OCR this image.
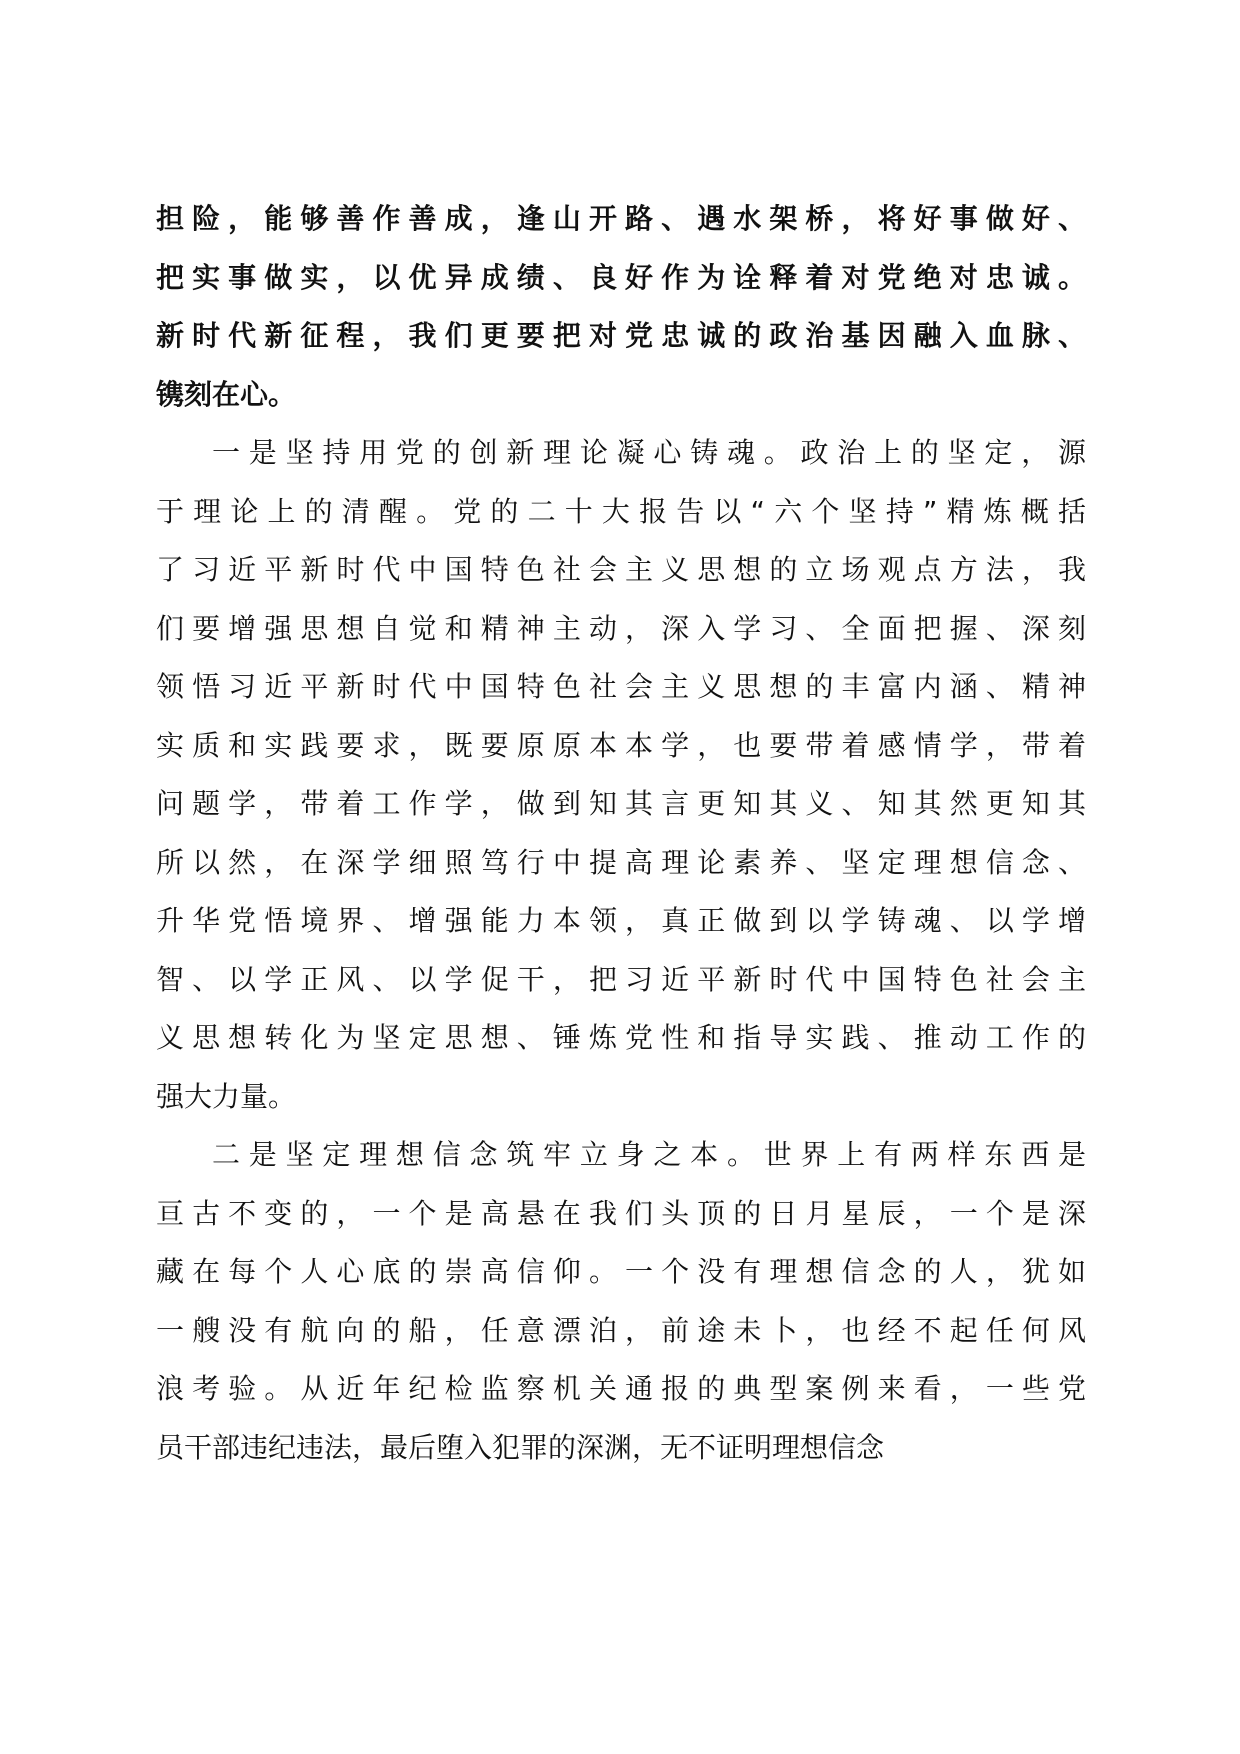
担险，能够善作善成，逢山开路、遇水架桥，将好事做好、
把实事做实，以优异成绩、良好作为诠释着对党绝对忠诚。
新时代新征程，我们更要把对党忠诚的政治基因融入血脉、
镌刻在心。
一是坚持用党的创新理论凝心铸魂。政治上的坚定，源
于理论上的清醒。党的二十大报告以“六个坚持”精炼概括
了习近平新时代中国特色社会主义思想的立场观点方法，我
们要增强思想自觉和精神主动，深入学习、全面把握、深刻
领悟习近平新时代中国特色社会主义思想的丰富内涵、精神
实质和实践要求，既要原原本本学，也要带着感情学，带着
问题学，带着工作学，做到知其言更知其义、知其然更知其
所以然，在深学细照笃行中提高理论素养、坚定理想信念、
升华党悟境界、增强能力本领，真正做到以学铸魂、以学增
智、以学正风、以学促干，把习近平新时代中国特色社会主
义思想转化为坚定思想、锤炼党性和指导实践、推动工作的
强大力量。
二是坚定理想信念筑牢立身之本。世界上有两样东西是
亘古不变的，一个是高悬在我们头顶的日月星辰，一个是深
藏在每个人心底的崇高信仰。一个没有理想信念的人，犹如
一艘没有航向的船，任意漂泊，前途未卜，也经不起任何风
浪考验。从近年纪检监察机关通报的典型案例来看，一些党
员干部违纪违法，最后堕入犯罪的深渊，无不证明理想信念
